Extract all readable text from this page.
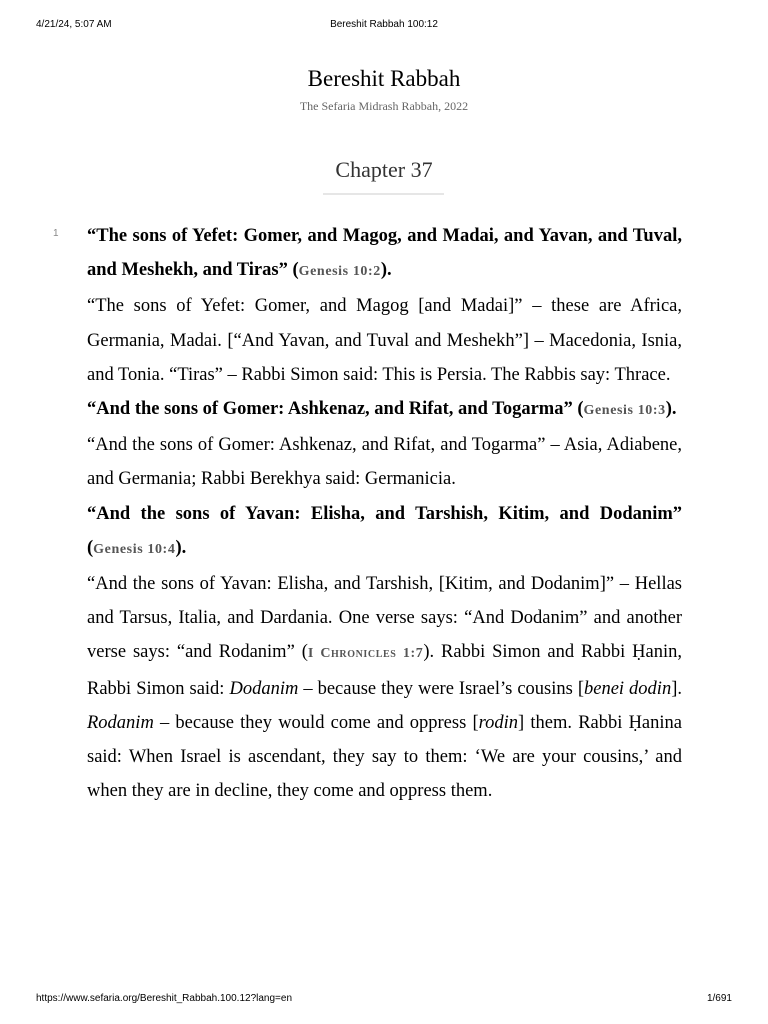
4/21/24, 5:07 AM	Bereshit Rabbah 100:12
Bereshit Rabbah
The Sefaria Midrash Rabbah, 2022
Chapter 37
1 “The sons of Yefet: Gomer, and Magog, and Madai, and Yavan, and Tuval, and Meshekh, and Tiras” (Genesis 10:2).

“The sons of Yefet: Gomer, and Magog [and Madai]” – these are Africa, Germania, Madai. [“And Yavan, and Tuval and Meshekh”] – Macedonia, Isnia, and Tonia. “Tiras” – Rabbi Simon said: This is Persia. The Rabbis say: Thrace.

“And the sons of Gomer: Ashkenaz, and Rifat, and Togarma” (Genesis 10:3).

“And the sons of Gomer: Ashkenaz, and Rifat, and Togarma” – Asia, Adiabene, and Germania; Rabbi Berekhya said: Germanicia.

“And the sons of Yavan: Elisha, and Tarshish, Kitim, and Dodanim” (Genesis 10:4).

“And the sons of Yavan: Elisha, and Tarshish, [Kitim, and Dodanim]” – Hellas and Tarsus, Italia, and Dardania. One verse says: “And Dodanim” and another verse says: “and Rodanim” (I Chronicles 1:7). Rabbi Simon and Rabbi Ḥanin, Rabbi Simon said: Dodanim – because they were Israel’s cousins [benei dodin]. Rodanim – because they would come and oppress [rodin] them. Rabbi Ḥanina said: When Israel is ascendant, they say to them: ‘We are your cousins,’ and when they are in decline, they come and oppress them.

https://www.sefaria.org/Bereshit_Rabbah.100.12?lang=en	1/691
